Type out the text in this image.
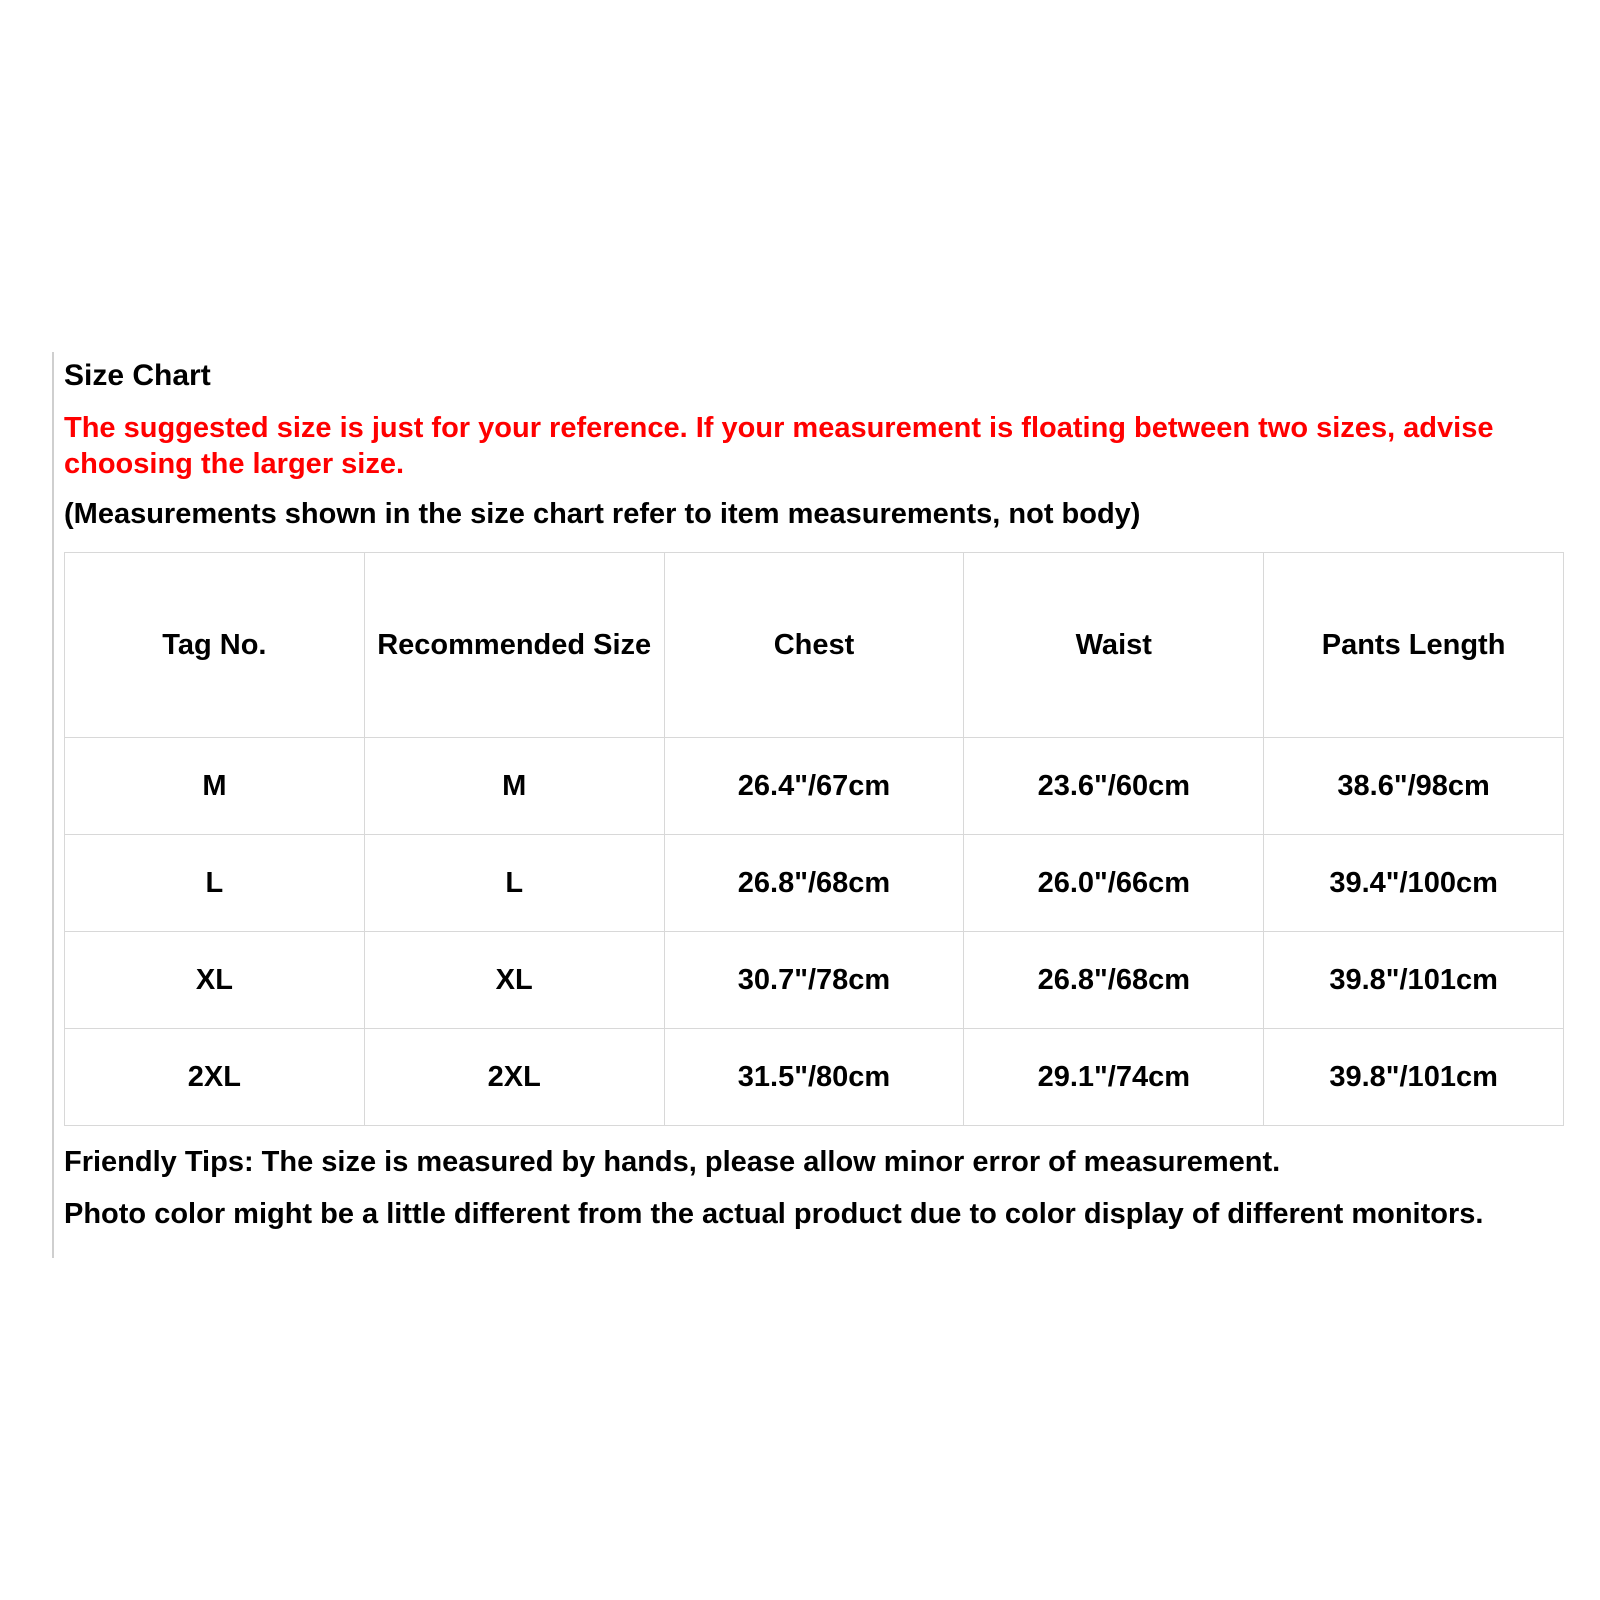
Size Chart
The suggested size is just for your reference. If your measurement is floating between two sizes, advise choosing the larger size.
(Measurements shown in the size chart refer to item measurements, not body)
Tag No.	Recommended Size	Chest	Waist	Pants Length
M	M	26.4"/67cm	23.6"/60cm	38.6"/98cm
L	L	26.8"/68cm	26.0"/66cm	39.4"/100cm
XL	XL	30.7"/78cm	26.8"/68cm	39.8"/101cm
2XL	2XL	31.5"/80cm	29.1"/74cm	39.8"/101cm
Friendly Tips: The size is measured by hands, please allow minor error of measurement.
Photo color might be a little different from the actual product due to color display of different monitors.
